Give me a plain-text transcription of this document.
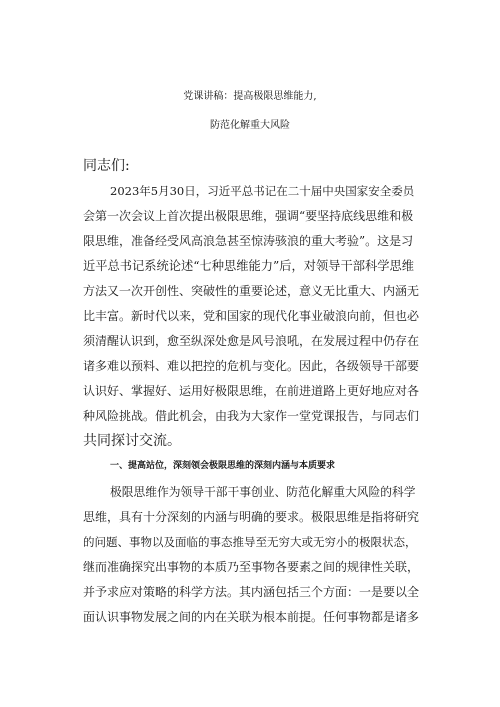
党课讲稿：提高极限思维能力,
防范化解重大风险
同志们:
2023年5月30日，习近平总书记在二十届中央国家安全委员
会第一次会议上首次提出极限思维，强调“要坚持底线思维和极
限思维，准备经受风高浪急甚至惊涛骇浪的重大考验”。这是习
近平总书记系统论述“七种思维能力”后，对领导干部科学思维
方法又一次开创性、突破性的重要论述，意义无比重大、内涵无
比丰富。新时代以来，党和国家的现代化事业破浪向前，但也必
须清醒认识到，愈至纵深处愈是风号浪吼，在发展过程中仍存在
诸多难以预料、难以把控的危机与变化。因此，各级领导干部要
认识好、掌握好、运用好极限思维，在前进道路上更好地应对各
种风险挑战。借此机会，由我为大家作一堂党课报告，与同志们
共同探讨交流。
一、提高站位，深刻领会极限思维的深刻内涵与本质要求
极限思维作为领导干部干事创业、防范化解重大风险的科学
思维，具有十分深刻的内涵与明确的要求。极限思维是指将研究
的问题、事物以及面临的事态推导至无穷大或无穷小的极限状态，
继而准确探究出事物的本质乃至事物各要素之间的规律性关联，
并予求应对策略的科学方法。其内涵包括三个方面：一是要以全
面认识事物发展之间的内在关联为根本前提。任何事物都是诸多
